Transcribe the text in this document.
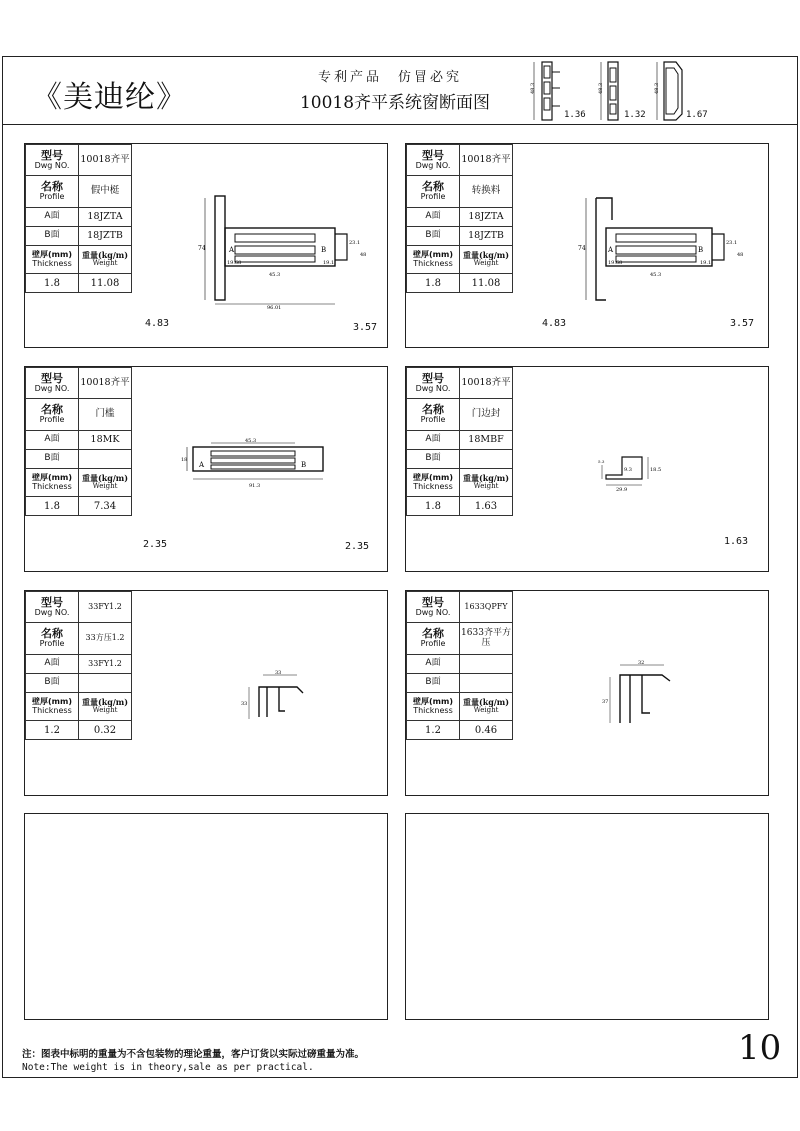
《美迪纶》
专利产品　仿冒必究
10018齐平系统窗断面图
48.3
1.36
48.3
1.32
48.3
1.67
型号
Dwg NO.	10018齐平

名称
Profile	假中梃
A面	18JZTA
B面	18JZTB

壁厚(mm)
Thickness	重量(kg/m)
Weight

1.8	11.08
74	A	B
19.68	19.1
23.1
48
45.3
96.01
4.83	3.57
型号
Dwg NO.	10018齐平

名称
Profile	转换料
A面	18JZTA
B面	18JZTB

壁厚(mm)
Thickness	重量(kg/m)
Weight

1.8	11.08
74	A	B
19.68	19.1
23.1
48
45.3
4.83	3.57
型号
Dwg NO.	10018齐平

名称
Profile	门槛
A面	18MK
B面	

壁厚(mm)
Thickness	重量(kg/m)
Weight

1.8	7.34
18
A	B
45.3
91.3
2.35	2.35
型号
Dwg NO.	10018齐平

名称
Profile	门边封
A面	18MBF
B面	

壁厚(mm)
Thickness	重量(kg/m)
Weight

1.8	1.63
9.3
5.3
18.5
29.9
1.63
型号
Dwg NO.	33FY1.2

名称
Profile	33方压1.2
A面	33FY1.2
B面	

壁厚(mm)
Thickness	重量(kg/m)
Weight

1.2	0.32
33
33
型号
Dwg NO.	1633QPFY

名称
Profile	1633齐平方压
A面	
B面	

壁厚(mm)
Thickness	重量(kg/m)
Weight

1.2	0.46
32
37
注：图表中标明的重量为不含包装物的理论重量，客户订货以实际过磅重量为准。
Note:The weight is in theory,sale as per practical.	10
